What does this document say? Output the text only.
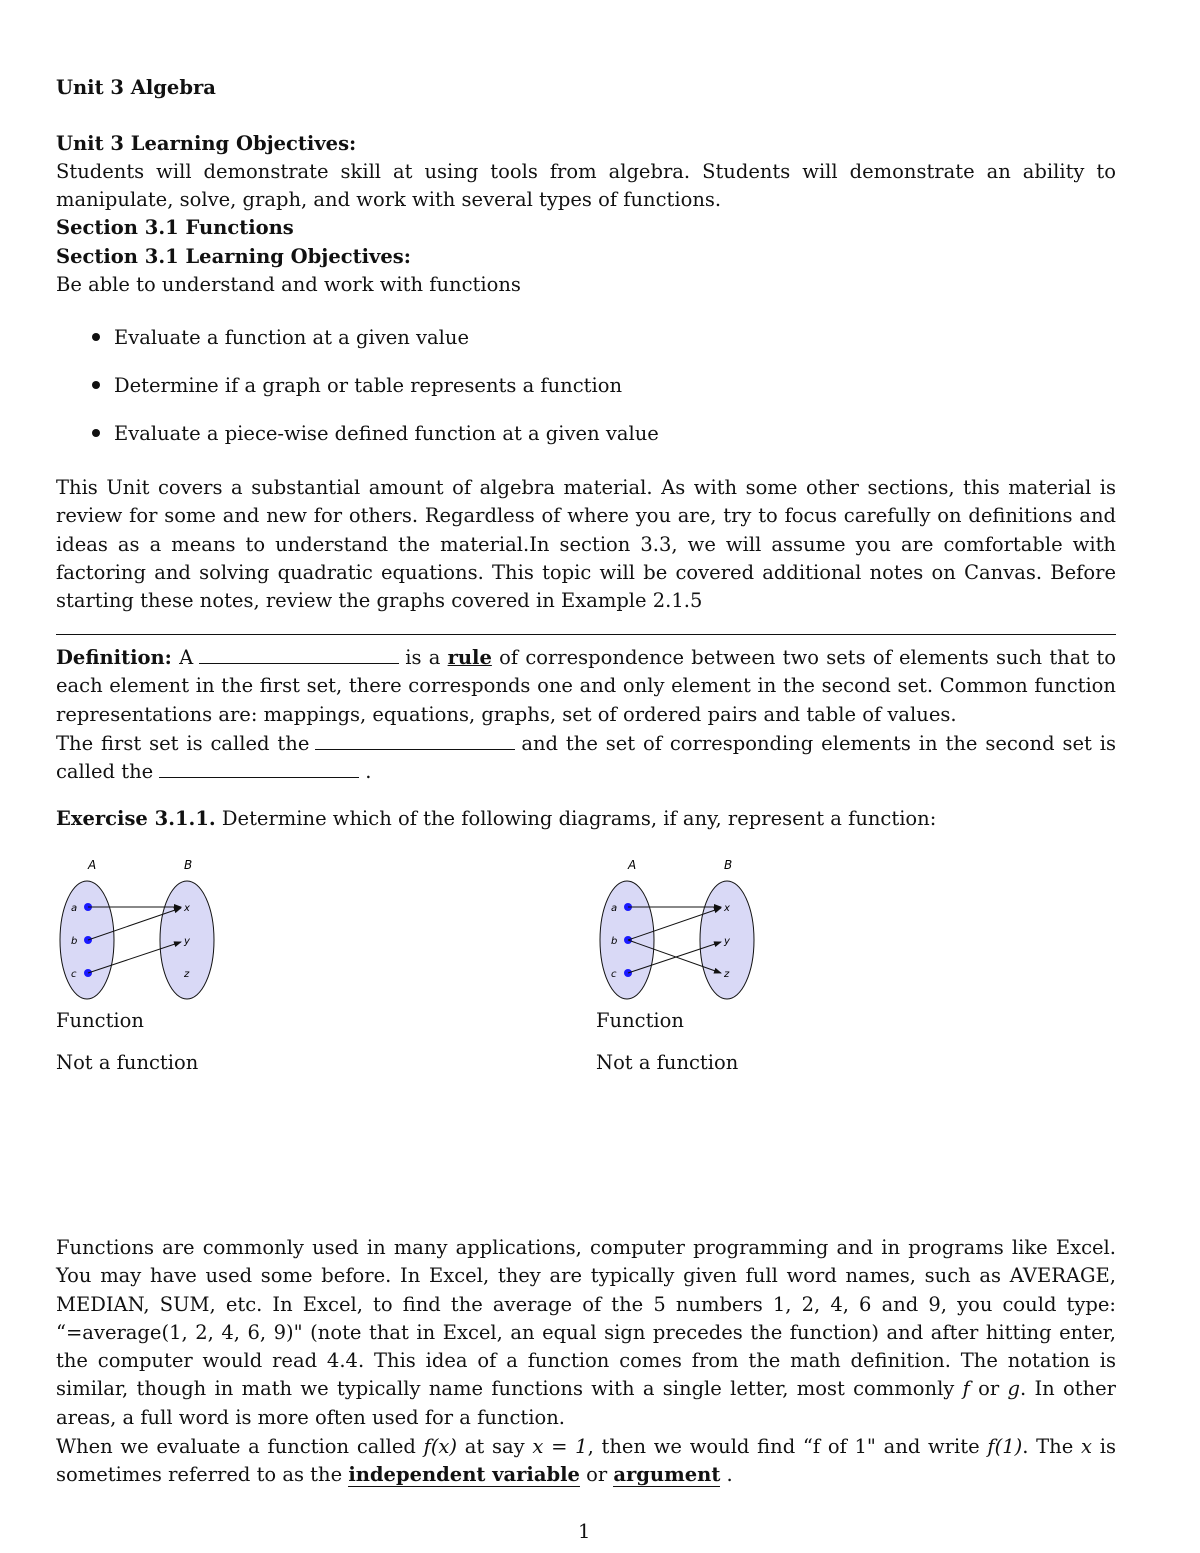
Unit 3 Algebra
Unit 3 Learning Objectives:
Students will demonstrate skill at using tools from algebra. Students will demonstrate an ability to
manipulate, solve, graph, and work with several types of functions.
Section 3.1 Functions
Section 3.1 Learning Objectives:
Be able to understand and work with functions
Evaluate a function at a given value
Determine if a graph or table represents a function
Evaluate a piece-wise defined function at a given value
This Unit covers a substantial amount of algebra material. As with some other sections, this material is review for some and new for others. Regardless of where you are, try to focus carefully on definitions and ideas as a means to understand the material.In section 3.3, we will assume you are comfortable with factoring and solving quadratic equations. This topic will be covered additional notes on Canvas. Before starting these notes, review the graphs covered in Example 2.1.5
Definition: A	is a rule of correspondence between two sets of elements such that to each element in the first set, there corresponds one and only element in the second set. Common function representations are: mappings, equations, graphs, set of ordered pairs and table of values.
The first set is called the	and the set of corresponding elements in the second set is
called the	.
Exercise 3.1.1. Determine which of the following diagrams, if any, represent a function:
A	B
a
b
c
x
y
z
Function
Not a function
A	B
a
b
c
x
y
z
Function
Not a function
Functions are commonly used in many applications, computer programming and in programs like Excel. You may have used some before. In Excel, they are typically given full word names, such as AVERAGE, MEDIAN, SUM, etc. In Excel, to find the average of the 5 numbers 1, 2, 4, 6 and 9, you could type: “=average(1, 2, 4, 6, 9)" (note that in Excel, an equal sign precedes the function) and after hitting enter, the computer would read 4.4. This idea of a function comes from the math definition. The notation is similar, though in math we typically name functions with a single letter, most commonly f or g. In other areas, a full word is more often used for a function.
When we evaluate a function called f(x) at say x = 1, then we would find “f of 1" and write f(1). The x is sometimes referred to as the independent variable or argument .
1
